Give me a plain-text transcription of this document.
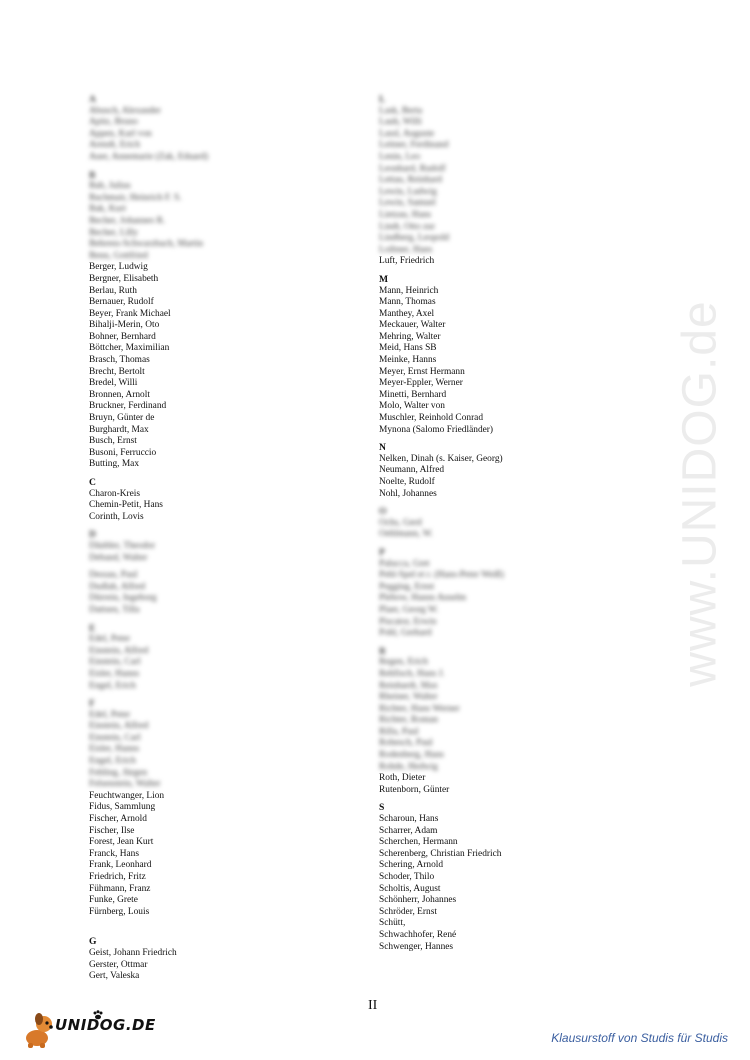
www.UNIDOG.de
A
Abusch, Alexander
Apitz, Bruno
Appen, Karl von
Arendt, Erich
Auer, Annemarie (Zak, Eduard)
B
Bab, Julius
Bachmair, Heinrich F. S.
Bak, Kurt
Becher, Johannes R.
Becher, Lilly
Behrens-Schwarzbach, Martin
Benn, Gottfried
Berger, Ludwig
Bergner, Elisabeth
Berlau, Ruth
Bernauer, Rudolf
Beyer, Frank Michael
Bihalji-Merin, Oto
Bohner, Bernhard
Böttcher, Maximilian
Brasch, Thomas
Brecht, Bertolt
Bredel, Willi
Bronnen, Arnolt
Bruckner, Ferdinand
Bruyn, Günter de
Burghardt, Max
Busch, Ernst
Busoni, Ferruccio
Butting, Max
C
Charon-Kreis
Chemin-Petit, Hans
Corinth, Lovis
D
Däubler, Theodor
Deband, Walter
Dessau, Paul
Dudlah, Alfred
Dürrein, Ingeborg
Dattsen, Tilla
E
Edel, Peter
Einstein, Alfred
Einstein, Carl
Eisler, Hanns
Engel, Erich
F
Edel, Peter
Einstein, Alfred
Einstein, Carl
Eisler, Hanns
Engel, Erich
Fehling, Jürgen
Felsenstein, Walter
Feuchtwanger, Lion
Fidus, Sammlung
Fischer, Arnold
Fischer, Ilse
Forest, Jean Kurt
Franck, Hans
Frank, Leonhard
Friedrich, Fritz
Fühmann, Franz
Funke, Grete
Fürnberg, Louis
G
Geist, Johann Friedrich
Gerster, Ottmar
Gert, Valeska
L
Lask, Berta
Lauh, Willi
Lassl, Auguste
Leitner, Ferdinand
Lenin, Leo
Leonhard, Rudolf
Lettau, Reinhard
Lewin, Ludwig
Lewin, Samuel
Lietzau, Hans
Lindt, Otto zur
Lindberg, Leopold
Loibner, Hans
Luft, Friedrich
M
Mann, Heinrich
Mann, Thomas
Manthey, Axel
Meckauer, Walter
Mehring, Walter
Meid, Hans SB
Meinke, Hanns
Meyer, Ernst Hermann
Meyer-Eppler, Werner
Minetti, Bernhard
Molo, Walter von
Muschler, Reinhold Conrad
Mynona (Salomo Friedländer)
N
Nelken, Dinah (s. Kaiser, Georg)
Neumann, Alfred
Noelte, Rudolf
Nohl, Johannes
O
Ochs, Gerd
Oehlmann, W.
P
Palucca, Gret
Pehl-Spel et r. (Hans-Peter Weiß)
Pegging, Ernst
Plebow, Hanns Anselm
Plaer, Georg W.
Piscator, Erwin
Pohl, Gerhard
R
Regen, Erich
Rehfisch, Hans J.
Reinhardt, Max
Rheiner, Walter
Richter, Hans Werner
Richter, Roman
Rilla, Paul
Robesch, Paul
Rodenberg, Hans
Rohde, Hedwig
Roth, Dieter
Rutenborn, Günter
S
Scharoun, Hans
Scharrer, Adam
Scherchen, Hermann
Scherenberg, Christian Friedrich
Schering, Arnold
Schoder, Thilo
Scholtis, August
Schönherr, Johannes
Schröder, Ernst
Schütt,
Schwachhofer, René
Schwenger, Hannes
II
UNIDOG.DE
Klausurstoff von Studis für Studis
